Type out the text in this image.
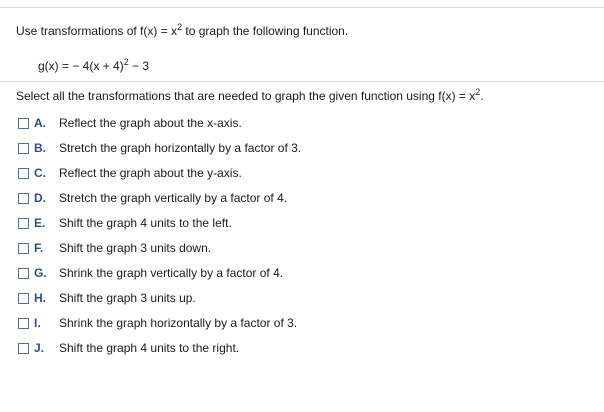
Use transformations of $f(x) = x^2$ to graph the following function.
g(x) = − $4(x + 4)^2 - 3$
Select all the transformations that are needed to graph the given function using $f(x) = x^2$.
A.	Reflect the graph about the x-axis.
B.	Stretch the graph horizontally by a factor of 3.
C.	Reflect the graph about the y-axis.
D.	Stretch the graph vertically by a factor of 4.
E.	Shift the graph 4 units to the left.
F.	Shift the graph 3 units down.
G.	Shrink the graph vertically by a factor of 4.
H.	Shift the graph 3 units up.
I.	Shrink the graph horizontally by a factor of 3.
J.	Shift the graph 4 units to the right.
